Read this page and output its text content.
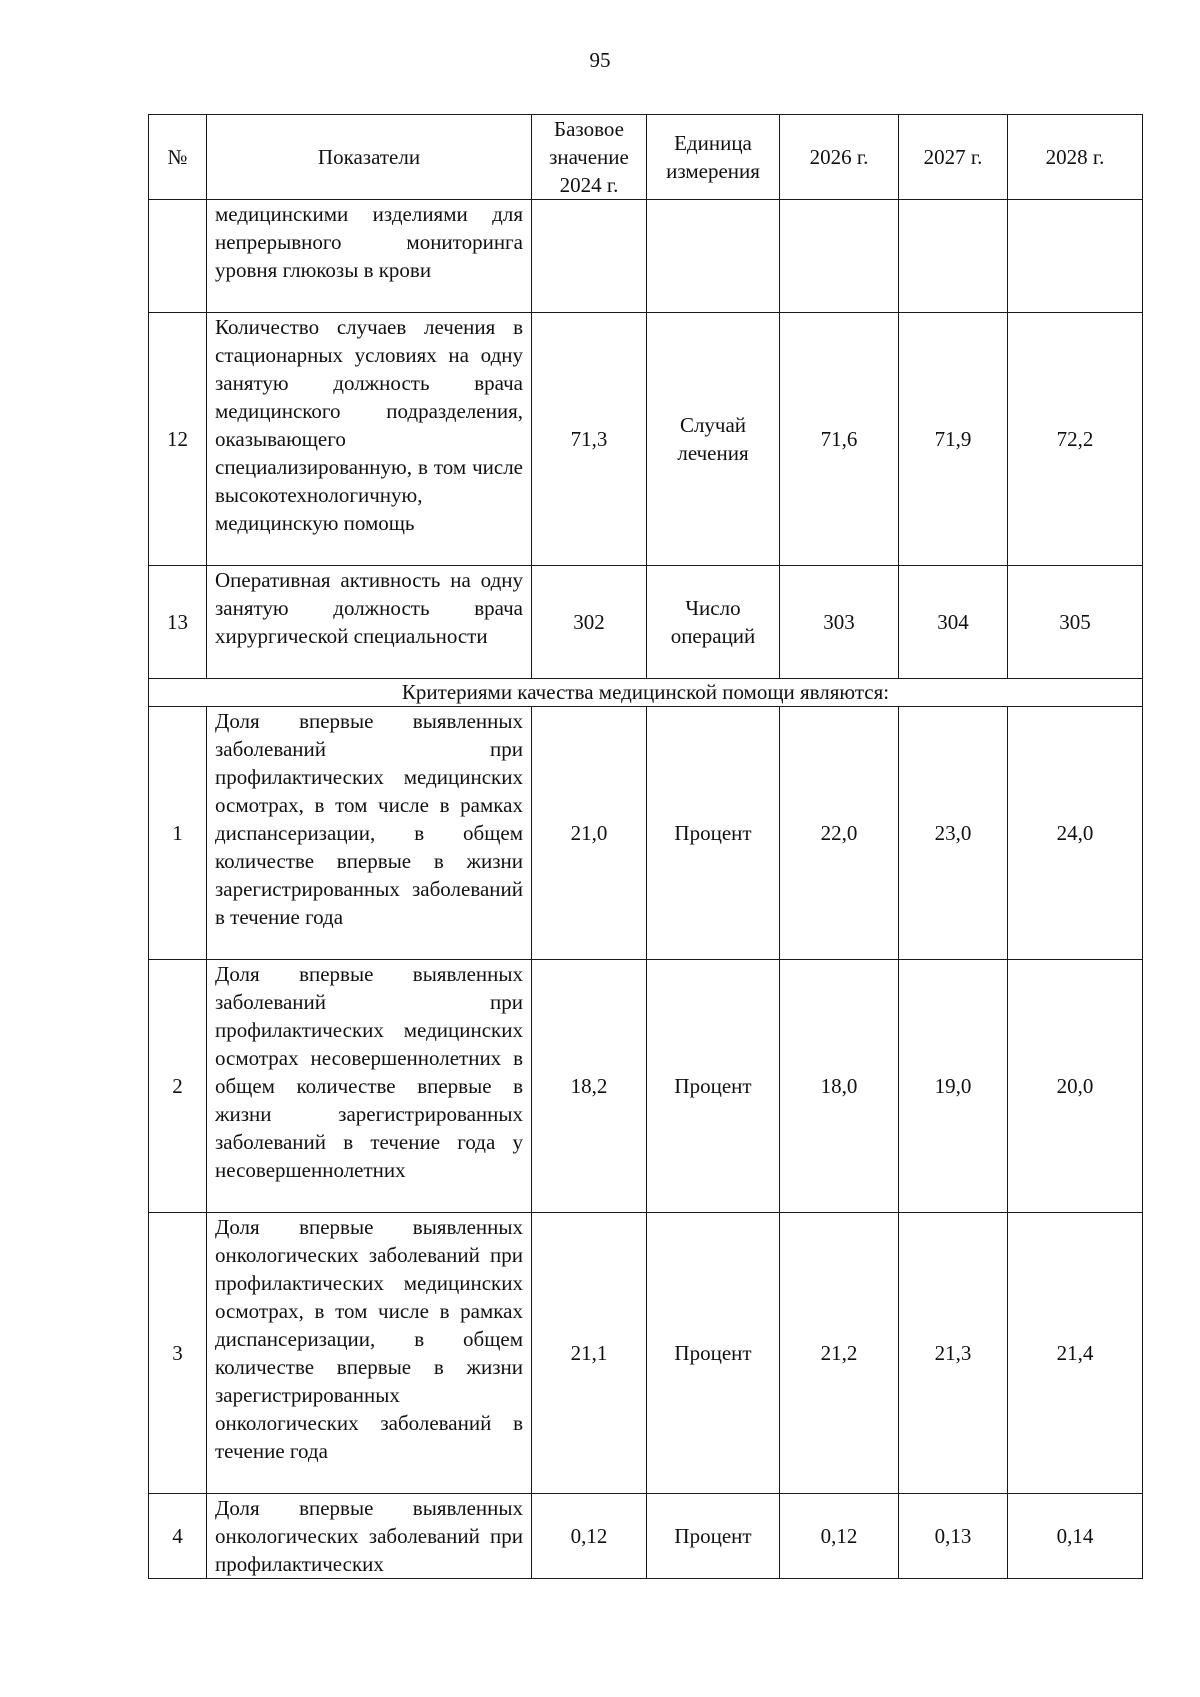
95
№	Показатели	Базовое значение 2024 г.	Единица измерения	2026 г.	2027 г.	2028 г.
	медицинскими изделиями для непрерывного мониторинга уровня глюкозы в крови					
12	Количество случаев лечения в стационарных условиях на одну занятую должность врача медицинского подразделения, оказывающего специализированную, в том числе высокотехнологичную, медицинскую помощь	71,3	Случай лечения	71,6	71,9	72,2
13	Оперативная активность на одну занятую должность врача хирургической специальности	302	Число операций	303	304	305
Критериями качества медицинской помощи являются:						
1	Доля впервые выявленных заболеваний при профилактических медицинских осмотрах, в том числе в рамках диспансеризации, в общем количестве впервые в жизни зарегистрированных заболеваний в течение года	21,0	Процент	22,0	23,0	24,0
2	Доля впервые выявленных заболеваний при профилактических медицинских осмотрах несовершеннолетних в общем количестве впервые в жизни зарегистрированных заболеваний в течение года у несовершеннолетних	18,2	Процент	18,0	19,0	20,0
3	Доля впервые выявленных онкологических заболеваний при профилактических медицинских осмотрах, в том числе в рамках диспансеризации, в общем количестве впервые в жизни зарегистрированных онкологических заболеваний в течение года	21,1	Процент	21,2	21,3	21,4
4	Доля впервые выявленных онкологических заболеваний при профилактических	0,12	Процент	0,12	0,13	0,14
